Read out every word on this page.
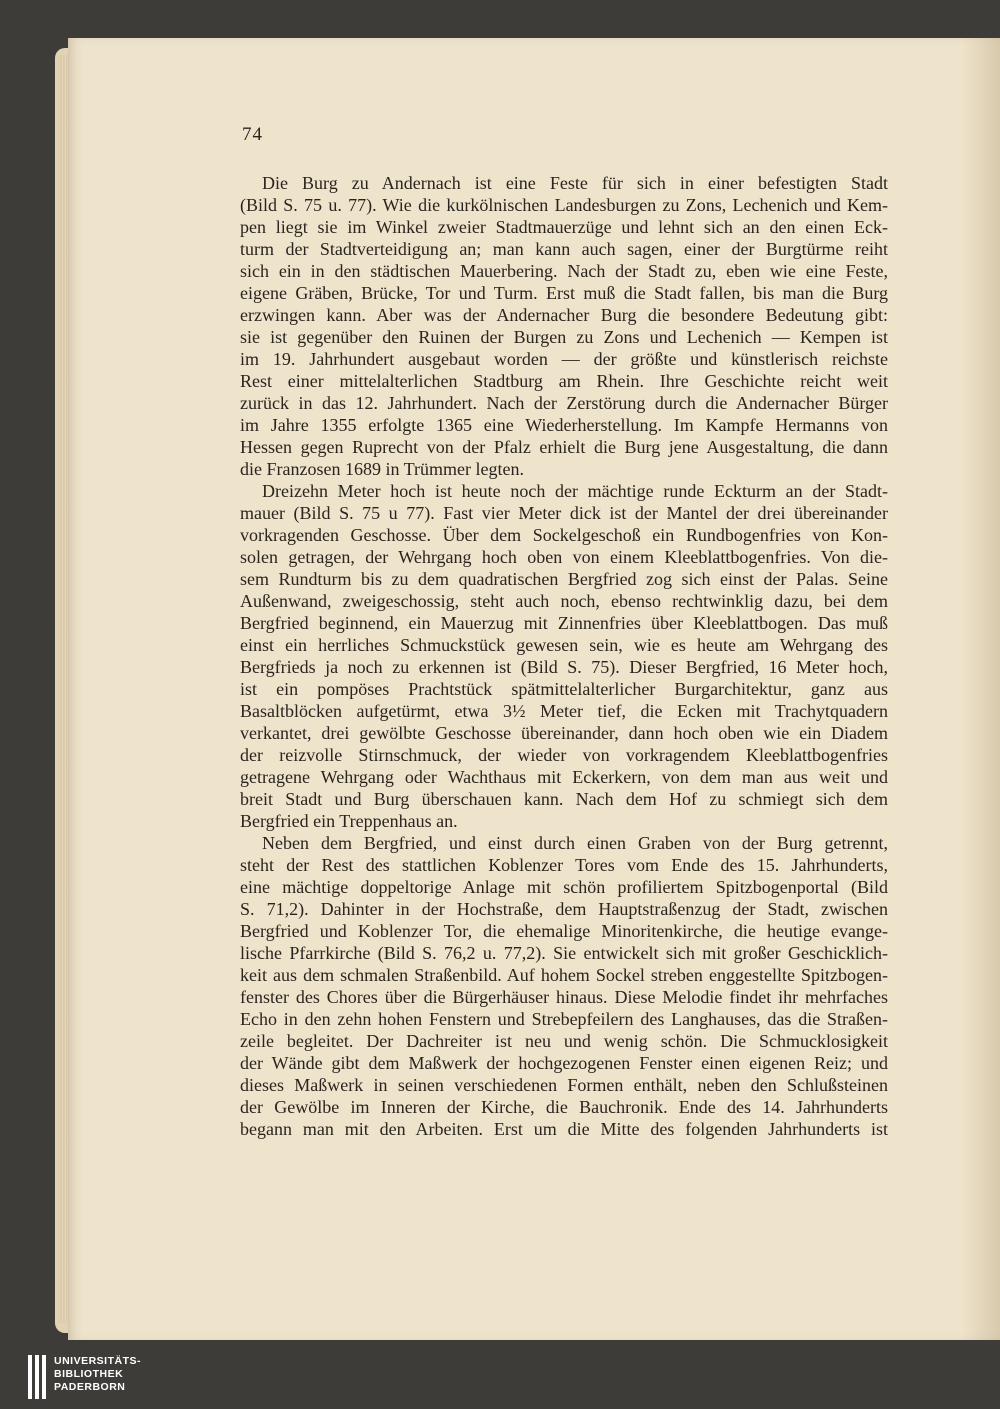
74
Die Burg zu Andernach ist eine Feste für sich in einer befestigten Stadt
(Bild S. 75 u. 77). Wie die kurkölnischen Landesburgen zu Zons, Lechenich und Kem-
pen liegt sie im Winkel zweier Stadtmauerzüge und lehnt sich an den einen Eck-
turm der Stadtverteidigung an; man kann auch sagen, einer der Burgtürme reiht
sich ein in den städtischen Mauerbering. Nach der Stadt zu, eben wie eine Feste,
eigene Gräben, Brücke, Tor und Turm. Erst muß die Stadt fallen, bis man die Burg
erzwingen kann. Aber was der Andernacher Burg die besondere Bedeutung gibt:
sie ist gegenüber den Ruinen der Burgen zu Zons und Lechenich — Kempen ist
im 19. Jahrhundert ausgebaut worden — der größte und künstlerisch reichste
Rest einer mittelalterlichen Stadtburg am Rhein. Ihre Geschichte reicht weit
zurück in das 12. Jahrhundert. Nach der Zerstörung durch die Andernacher Bürger
im Jahre 1355 erfolgte 1365 eine Wiederherstellung. Im Kampfe Hermanns von
Hessen gegen Ruprecht von der Pfalz erhielt die Burg jene Ausgestaltung, die dann
die Franzosen 1689 in Trümmer legten.
Dreizehn Meter hoch ist heute noch der mächtige runde Eckturm an der Stadt-
mauer (Bild S. 75 u 77). Fast vier Meter dick ist der Mantel der drei übereinander
vorkragenden Geschosse. Über dem Sockelgeschoß ein Rundbogenfries von Kon-
solen getragen, der Wehrgang hoch oben von einem Kleeblattbogenfries. Von die-
sem Rundturm bis zu dem quadratischen Bergfried zog sich einst der Palas. Seine
Außenwand, zweigeschossig, steht auch noch, ebenso rechtwinklig dazu, bei dem
Bergfried beginnend, ein Mauerzug mit Zinnenfries über Kleeblattbogen. Das muß
einst ein herrliches Schmuckstück gewesen sein, wie es heute am Wehrgang des
Bergfrieds ja noch zu erkennen ist (Bild S. 75). Dieser Bergfried, 16 Meter hoch,
ist ein pompöses Prachtstück spätmittelalterlicher Burgarchitektur, ganz aus
Basaltblöcken aufgetürmt, etwa 3½ Meter tief, die Ecken mit Trachytquadern
verkantet, drei gewölbte Geschosse übereinander, dann hoch oben wie ein Diadem
der reizvolle Stirnschmuck, der wieder von vorkragendem Kleeblattbogenfries
getragene Wehrgang oder Wachthaus mit Eckerkern, von dem man aus weit und
breit Stadt und Burg überschauen kann. Nach dem Hof zu schmiegt sich dem
Bergfried ein Treppenhaus an.
Neben dem Bergfried, und einst durch einen Graben von der Burg getrennt,
steht der Rest des stattlichen Koblenzer Tores vom Ende des 15. Jahrhunderts,
eine mächtige doppeltorige Anlage mit schön profiliertem Spitzbogenportal (Bild
S. 71,2). Dahinter in der Hochstraße, dem Hauptstraßenzug der Stadt, zwischen
Bergfried und Koblenzer Tor, die ehemalige Minoritenkirche, die heutige evange-
lische Pfarrkirche (Bild S. 76,2 u. 77,2). Sie entwickelt sich mit großer Geschicklich-
keit aus dem schmalen Straßenbild. Auf hohem Sockel streben enggestellte Spitzbogen-
fenster des Chores über die Bürgerhäuser hinaus. Diese Melodie findet ihr mehrfaches
Echo in den zehn hohen Fenstern und Strebepfeilern des Langhauses, das die Straßen-
zeile begleitet. Der Dachreiter ist neu und wenig schön. Die Schmucklosigkeit
der Wände gibt dem Maßwerk der hochgezogenen Fenster einen eigenen Reiz; und
dieses Maßwerk in seinen verschiedenen Formen enthält, neben den Schlußsteinen
der Gewölbe im Inneren der Kirche, die Bauchronik. Ende des 14. Jahrhunderts
begann man mit den Arbeiten. Erst um die Mitte des folgenden Jahrhunderts ist
UNIVERSITÄTS-
BIBLIOTHEK
PADERBORN
